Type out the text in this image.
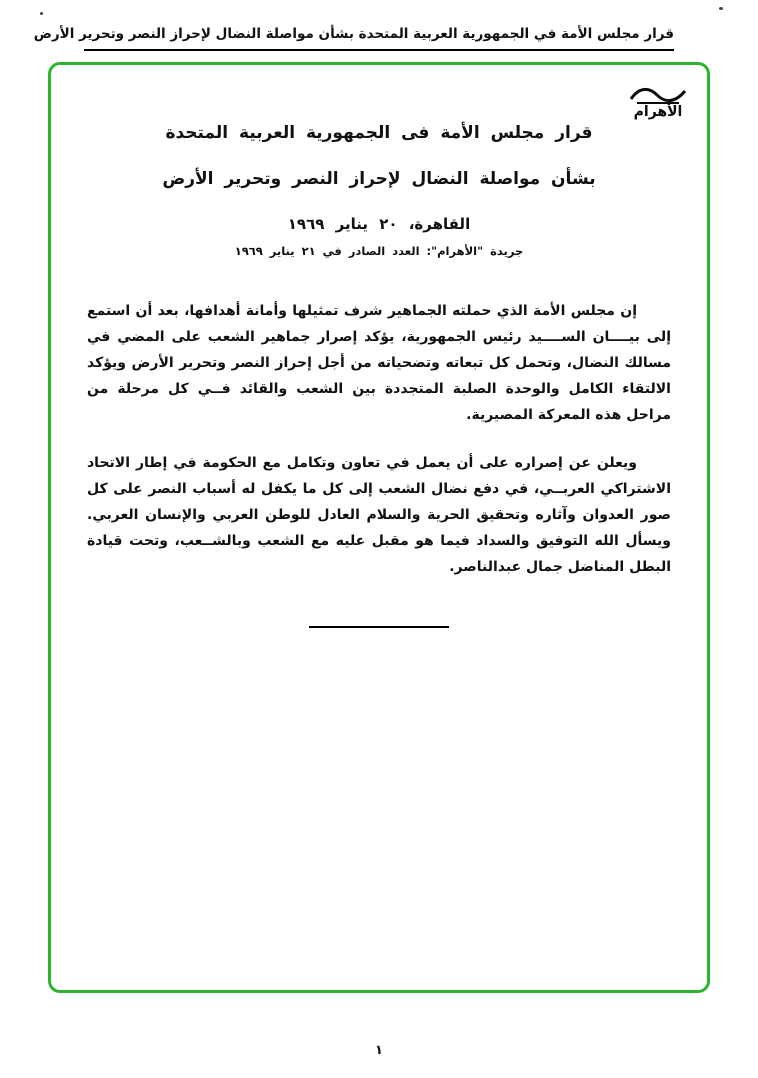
قرار مجلس الأمة في الجمهورية العربية المتحدة بشأن مواصلة النضال لإحراز النصر وتحرير الأرض
الأهرام
قرار مجلس الأمة فى الجمهورية العربية المتحدة
بشأن مواصلة النضال لإحراز النصر وتحرير الأرض
القاهرة، ٢٠ يناير ١٩٦٩
جريدة "الأهرام": العدد الصادر في ٢١ يناير ١٩٦٩

إن مجلس الأمة الذي حملته الجماهير شرف تمثيلها وأمانة أهدافها، بعد أن استمع إلى بيــــان الســــيد رئيس الجمهورية، يؤكد إصرار جماهير الشعب على المضي في مسالك النضال، وتحمل كل تبعاته وتضحياته من أجل إحراز النصر وتحرير الأرض ويؤكد الالتقاء الكامل والوحدة الصلبة المتجددة بين الشعب والقائد فــي كل مرحلة من مراحل هذه المعركة المصيرية.

ويعلن عن إصراره على أن يعمل في تعاون وتكامل مع الحكومة في إطار الاتحاد الاشتراكي العربــي، في دفع نضال الشعب إلى كل ما يكفل له أسباب النصر على كل صور العدوان وآثاره وتحقيق الحرية والسلام العادل للوطن العربي والإنسان العربي. ويسأل الله التوفيق والسداد فيما هو مقبل عليه مع الشعب وبالشــعب، وتحت قيادة البطل المناضل جمال عبدالناصر.

١
